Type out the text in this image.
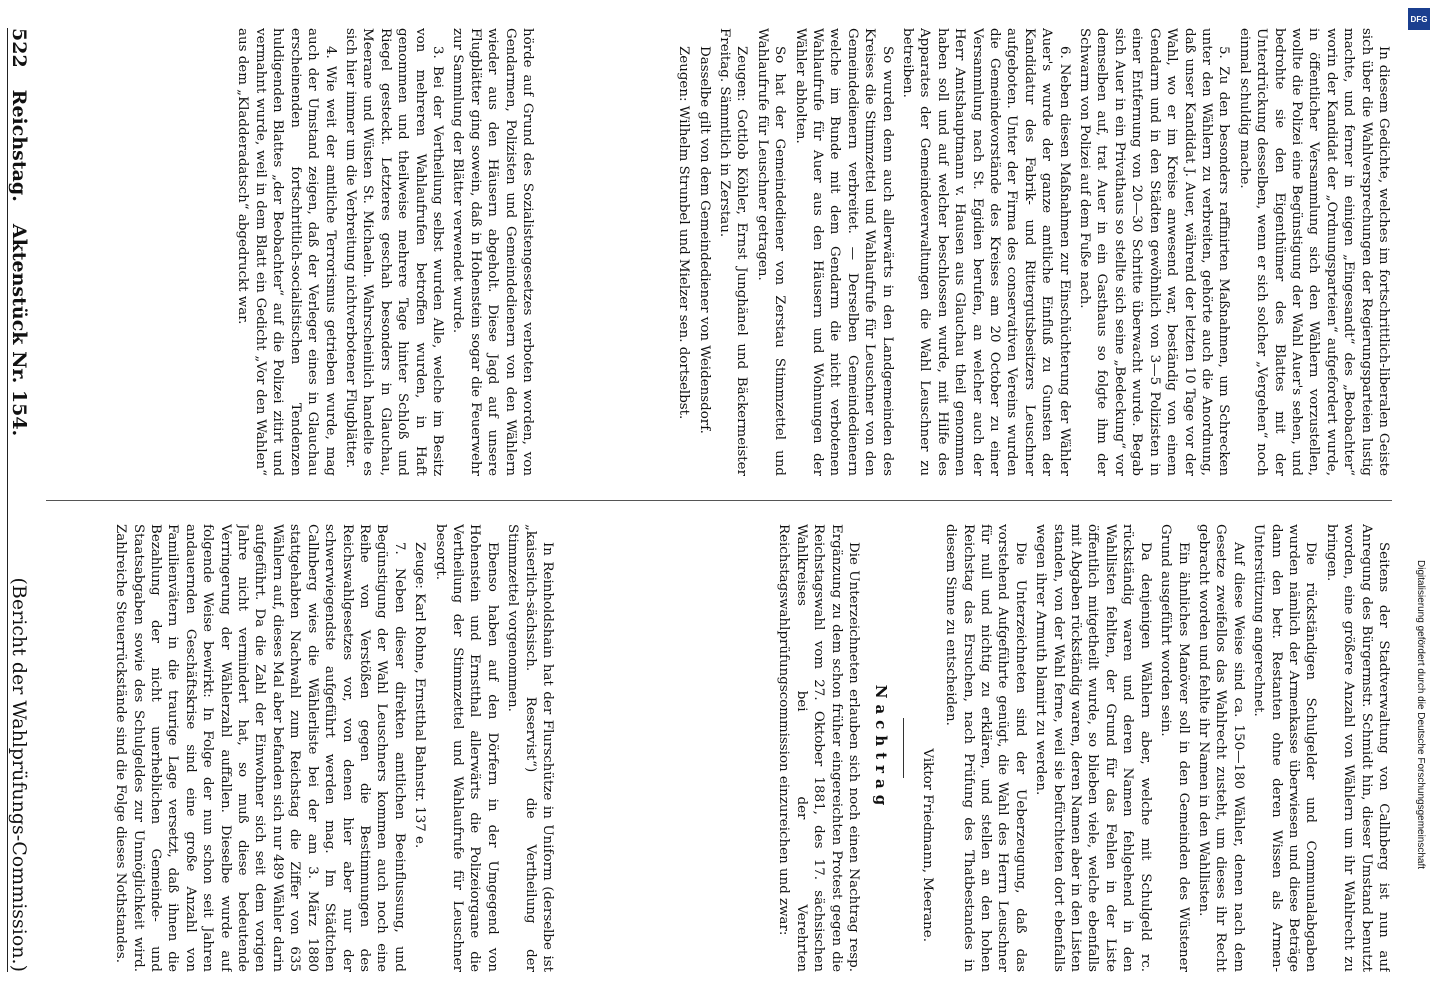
522
Reichstag.
Aktenstück Nr. 154.
(Bericht der Wahlprüfungs-Commission.)

hörde auf Grund des Sozialistengesetzes verboten worden, von Gendarmen, Polizisten und Gemeindedienern von den Wählern wieder aus den Häusern abgeholt. Diese Jagd auf unsere Flugblätter ging sowein, daß in Hohenstein sogar die Feuerwehr zur Sammlung der Blätter verwendet wurde.

3. Bei der Vertheilung selbst wurden Alle, welche im Besitz von mehreren Wahlaufrufen betroffen wurden, in Haft genommen und theilweise mehrere Tage hinter Schloß und Riegel gesteckt. Letzteres geschah besonders in Glauchau, Meerane und Wüsten St. Michaeln. Wahrscheinlich handelte es sich hier immer um die Verbreitung nichtverbotener Flugblätter.

4. Wie weit der amtliche Terrorismus getrieben wurde, mag auch der Umstand zeigen, daß der Verleger eines in Glauchau erscheinenden fortschrittlich-socialistischen Tendenzen huldigenden Blattes „der Beobachter“ auf die Polizei zitirt und vermahnt wurde, weil in dem Blatt ein Gedicht „Vor den Wahlen“ aus dem „Kladderadatsch“ abgedruckt war.	In diesem Gedichte, welches im fortschrittlich-liberalen Geiste sich über die Wahlversprechungen der Regierungsparteien lustig machte, und ferner in einigen „Eingesandt“ des „Beobachter“ worin der Kandidat der „Ordnungsparteien“ aufgefordert wurde, in öffentlicher Versammlung sich den Wählern vorzustellen, wollte die Polizei eine Begünstigung der Wahl Auer's sehen, und bedrohte sie den Eigenthümer des Blattes mit der Unterdrückung desselben, wenn er sich solcher „Vergehen“ noch einmal schuldig mache.

5. Zu den besonders raffinirten Maßnahmen, um Schrecken unter den Wählern zu verbreiten, gehörte auch die Anordnung, daß unser Kandidat J. Auer, während der letzten 10 Tage vor der Wahl, wo er im Kreise anwesend war, beständig von einem Gendarm und in den Städten gewöhnlich von 3—5 Polizisten in einer Entfernung von 20—30 Schritte überwacht wurde. Begab sich Auer in ein Privathaus so stellte sich seine „Bedeckung“ vor demselben auf, trat Auer in ein Gasthaus so folgte ihm der Schwarm von Polizei auf dem Fuße nach.

6. Neben diesen Maßnahmen zur Einschüchterung der Wähler Auer's wurde der ganze amtliche Einfluß zu Gunsten der Kandidatur des Fabrik- und Rittergutsbesitzers Leuschner aufgeboten. Unter der Firma des conservativen Vereins wurden die Gemeindevorstände des Kreises am 20 October zu einer Versammlung nach St. Egidien berufen, an welcher auch der Herr Amtshauptmann v. Hausen aus Glauchau theil genommen haben soll und auf welcher beschlossen wurde, mit Hilfe des Apparates der Gemeindeverwaltungen die Wahl Leuschner zu betreiben.

So wurden denn auch allerwärts in den Landgemeinden des Kreises die Stimmzettel und Wahlaufrufe für Leuschner von den Gemeindedienern verbreitet. — Derselben Gemeindedienern welche im Bunde mit dem Gendarm die nicht verbotenen Wahlaufrufe für Auer aus den Häusern und Wohnungen der Wähler abholten.

So hat der Gemeindediener von Zerstau Stimmzettel und Wahlaufrufe für Leuschner getragen.

Zeugen: Gottlob Köhler, Ernst Junghänel und Bäckermeister Freitag. Sämmtlich in Zerstau.

Dasselbe gilt von dem Gemeindediener von Weidensdorf.

Zeugen: Wilhelm Strunbel und Mielzer sen. dortselbst.

In Reinholdshain hat der Flurschütze in Uniform (derselbe ist „kaiserlich-sächsisch. Reservist“) die Vertheilung der Stimmzettel vorgenommen.

Ebenso haben auf den Dörfern in der Umgegend von Hohenstein und Ernstthal allerwärts die Polizeiorgane die Vertheilung der Stimmzettel und Wahlaufrufe für Leuschner besorgt.

Zeuge: Karl Rohne, Ernstthal Bahnstr. 137 e.

7. Neben dieser direkten amtlichen Beeinflussung, und Begünstigung der Wahl Leuschners kommen auch noch eine Reihe von Verstößen gegen die Bestimmungen des Reichswahlgesetzes vor, von denen hier aber nur der schwerwiegendste aufgeführt werden mag. Im Städtchen Callnberg wies die Wählerliste bei der am 3. März 1880 stattgehabten Nachwahl zum Reichstag die Ziffer von 635 Wählern auf, dieses Mal aber befanden sich nur 489 Wähler darin aufgeführt. Da die Zahl der Einwohner sich seit dem vorigen Jahre nicht vermindert hat, so muß diese bedeutende Verringerung der Wählerzahl auffallen. Dieselbe wurde auf folgende Weise bewirkt: In Folge der nun schon seit Jahren andauernden Geschäftskrise sind eine große Anzahl von Familienvätern in die traurige Lage versetzt, daß ihnen die Bezahlung der nicht unerheblichen Gemeinde- und Staatsabgaben sowie des Schulgeldes zur Unmöglichkeit wird. Zahlreiche Steuerrückstände sind die Folge dieses Nothstandes.	Seitens der Stadtverwaltung von Callnberg ist nun auf Anregung des Bürgermstr. Schmidt hin, dieser Umstand benutzt worden, eine größere Anzahl von Wählern um ihr Wahlrecht zu bringen.

Die rückständigen Schulgelder und Communalabgaben wurden nämlich der Armenkasse überwiesen und diese Beträge dann den betr. Restanten ohne deren Wissen als Armen-Unterstützung angerechnet.

Auf diese Weise sind ca. 150—180 Wähler, denen nach dem Gesetze zweifellos das Wahlrecht zusteht, um dieses ihr Recht gebracht worden und fehlte ihr Namen in den Wahllisten.

Ein ähnliches Manöver soll in den Gemeinden des Wüstener Grund ausgeführt worden sein.

Da denjenigen Wählern aber, welche mit Schulgeld rc. rückständig waren und deren Namen fehlgehend in den Wahllisten fehlten, der Grund für das Fehlen in der Liste öffentlich mitgetheilt wurde, so blieben viele, welche ebenfalls mit Abgaben rückständig waren, deren Namen aber in den Listen standen, von der Wahl ferne, weil sie befürchteten dort ebenfalls wegen ihrer Armuth blamirt zu werden.

Die Unterzeichneten sind der Ueberzeugung, daß das vorstehend Aufgeführte genügt, die Wahl des Herrn Leuschner für null und nichtig zu erklären, und stellen an den hohen Reichstag das Ersuchen, nach Prüfung des Thatbestandes in diesem Sinne zu entscheiden.

Viktor Friedmann, Meerane.

Nachtrag

Die Unterzeichneten erlauben sich noch einen Nachtrag resp. Ergänzung zu dem schon früher eingereichten Protest gegen die Reichstagswahl vom 27. Oktober 1881, des 17. sächsischen Wahlkreises bei der Verehrten Reichstagswahlprüfungscommission einzureichen und zwar:

DFG
Digitalisierung gefördert durch die Deutsche Forschungsgemeinschaft
